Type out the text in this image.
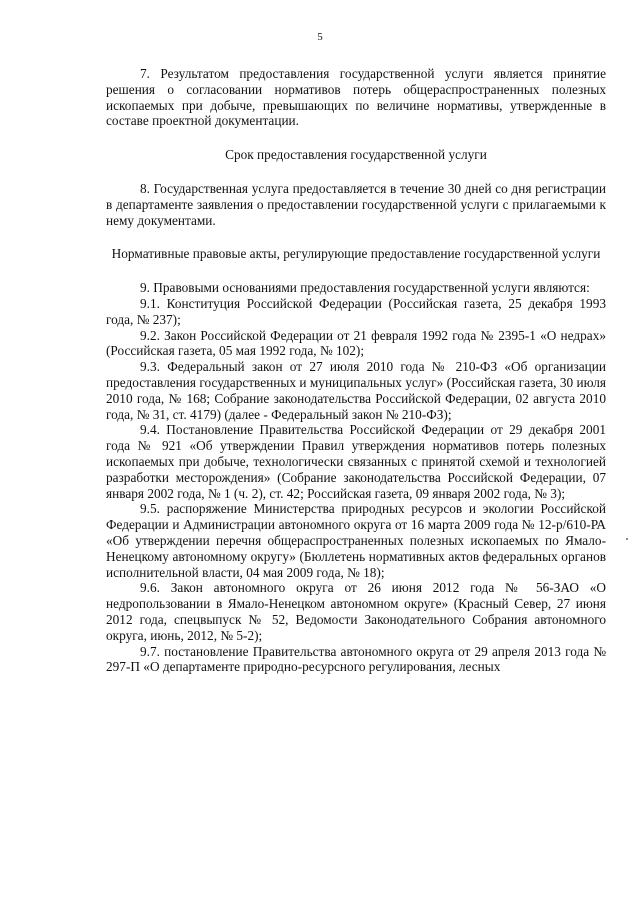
5

7. Результатом предоставления государственной услуги является принятие решения о согласовании нормативов потерь общераспространенных полезных ископаемых при добыче, превышающих по величине нормативы, утвержденные в составе проектной документации.

Срок предоставления государственной услуги

8. Государственная услуга предоставляется в течение 30 дней со дня регистрации в департаменте заявления о предоставлении государственной услуги с прилагаемыми к нему документами.

Нормативные правовые акты, регулирующие предоставление государственной услуги

9. Правовыми основаниями предоставления государственной услуги являются:

9.1. Конституция Российской Федерации (Российская газета, 25 декабря 1993 года, № 237);

9.2. Закон Российской Федерации от 21 февраля 1992 года № 2395-1 «О недрах» (Российская газета, 05 мая 1992 года, № 102);

9.3. Федеральный закон от 27 июля 2010 года № 210-ФЗ «Об организации предоставления государственных и муниципальных услуг» (Российская газета, 30 июля 2010 года, № 168; Собрание законодательства Российской Федерации, 02 августа 2010 года, № 31, ст. 4179) (далее - Федеральный закон № 210-ФЗ);

9.4. Постановление Правительства Российской Федерации от 29 декабря 2001 года № 921 «Об утверждении Правил утверждения нормативов потерь полезных ископаемых при добыче, технологически связанных с принятой схемой и технологией разработки месторождения» (Собрание законодательства Российской Федерации, 07 января 2002 года, № 1 (ч. 2), ст. 42; Российская газета, 09 января 2002 года, № 3);

9.5. распоряжение Министерства природных ресурсов и экологии Российской Федерации и Администрации автономного округа от 16 марта 2009 года № 12-р/610-РА «Об утверждении перечня общераспространенных полезных ископаемых по Ямало-Ненецкому автономному округу» (Бюллетень нормативных актов федеральных органов исполнительной власти, 04 мая 2009 года, № 18);

9.6. Закон автономного округа от 26 июня 2012 года № 56-ЗАО «О недропользовании в Ямало-Ненецком автономном округе» (Красный Север, 27 июня 2012 года, спецвыпуск № 52, Ведомости Законодательного Собрания автономного округа, июнь, 2012, № 5-2);

9.7. постановление Правительства автономного округа от 29 апреля 2013 года № 297-П «О департаменте природно-ресурсного регулирования, лесных
